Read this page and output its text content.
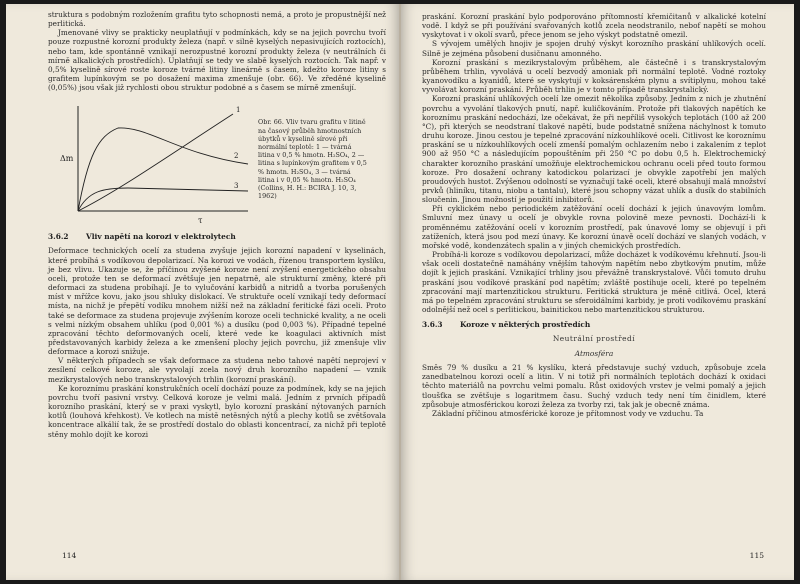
struktura s podobným rozložením grafitu tyto schopnosti nemá, a proto je propustnější než perlitická.

Jmenované vlivy se prakticky neuplatňují v podmínkách, kdy se na jejich povrchu tvoří pouze rozpustné korozní produkty železa (např. v silně kyselých nepasivujících roztocích), nebo tam, kde spontánně vznikají nerozpustné korozní produkty železa (v neutrálních či mírně alkalických prostředích). Uplatňují se tedy ve slabě kyselých roztocích. Tak např. v 0,5% kyselině sírové roste koroze tvárné litiny lineárně s časem, kdežto koroze litiny s grafitem lupínkovým se po dosažení maxima zmenšuje (obr. 66). Ve zředěné kyselině (0,05%) jsou však již rychlosti obou struktur podobné a s časem se mírně zmenšují.

Δm
τ
1
2
3
Obr. 66. Vliv tvaru grafitu v litině na časový průběh hmotnostních úbytků v kyselině sírové při normální teplotě: 1 — tvárná litina v 0,5 % hmotn. H₂SO₄, 2 — litina s lupínkovým grafitem v 0,5 % hmotn. H₂SO₄, 3 — tvárná litina i v 0,05 % hmotn. H₂SO₄ (Collins, H. H.: BCIRA J. 10, 3, 1962)
3.6.2	Vliv napětí na korozi v elektrolytech

Deformace technických ocelí za studena zvyšuje jejich korozní napadení v kyselinách, které probíhá s vodíkovou depolarizací. Na korozi ve vodách, řízenou transportem kyslíku, je bez vlivu. Ukazuje se, že příčinou zvýšené koroze není zvýšení energetického obsahu oceli, protože ten se deformací zvětšuje jen nepatrně, ale strukturní změny, které při deformaci za studena probíhají. Je to vylučování karbidů a nitridů a tvorba porušených míst v mřížce kovu, jako jsou shluky dislokací. Ve struktuře ocelí vznikají tedy deformací místa, na nichž je přepětí vodíku mnohem nižší než na základní feritické fázi oceli. Proto také se deformace za studena projevuje zvýšením koroze oceli technické kvality, a ne oceli s velmi nízkým obsahem uhlíku (pod 0,001 %) a dusíku (pod 0,003 %). Případné tepelné zpracování těchto deformovaných ocelí, které vede ke koagulaci aktivních míst představovaných karbidy železa a ke zmenšení plochy jejich povrchu, již zmenšuje vliv deformace a korozi snižuje.

V některých případech se však deformace za studena nebo tahové napětí neprojeví v zesílení celkové koroze, ale vyvolají zcela nový druh korozního napadení — vznik mezikrystalových nebo transkrystalových trhlin (korozní praskání).

Ke koroznímu praskání konstrukčních ocelí dochází pouze za podmínek, kdy se na jejich povrchu tvoří pasivní vrstvy. Celková koroze je velmi malá. Jedním z prvních případů korozního praskání, který se v praxi vyskytl, bylo korozní praskání nýtovaných parních kotlů (louhová křehkost). Ve kotlech na místě netěsných nýtů a plechy kotlů se zvětšovala koncentrace alkálií tak, že se prostředí dostalo do oblasti koncentrací, za nichž při teplotě stěny mohlo dojít ke korozi

114

praskání. Korozní praskání bylo podporováno přítomností křemičitanů v alkalické kotelní vodě. I když se při používání svařovaných kotlů zcela neodstranilo, nebof napětí se mohou vyskytovat i v okolí svarů, přece jenom se jeho výskyt podstatně omezil.

S vývojem umělých hnojiv je spojen druhý výskyt korozního praskání uhlíkových ocelí. Silně je zejména působení dusičnanu amonného.

Korozní praskání s mezikrystalovým průběhem, ale částečně i s transkrystalovým průběhem trhlin, vyvolává u ocelí bezvodý amoniak při normální teplotě. Vodné roztoky kyanovodíku a kyanidů, které se vyskytují v koksárenském plynu a svítiplynu, mohou také vyvolávat korozní praskání. Průběh trhlin je v tomto případě transkrystalický.

Korozní praskání uhlíkových ocelí lze omezit několika způsoby. Jedním z nich je zhutnění povrchu a vyvolání tlakových pnutí, např. kuličkováním. Protože při tlakových napětích ke koroznímu praskání nedochází, lze očekávat, že při nepříliš vysokých teplotách (100 až 200 °C), při kterých se neodstraní tlakové napětí, bude podstatně snížena náchylnost k tomuto druhu koroze. Jinou cestou je tepelné zpracování nízkouhlíkové oceli. Citlivost ke koroznímu praskání se u nízkouhlíkových ocelí zmenší pomalým ochlazením nebo i zakalením z teplot 900 až 950 °C a následujícím popouštěním při 250 °C po dobu 0,5 h. Elektrochemický charakter korozního praskání umožňuje elektrochemickou ochranu oceli před touto formou koroze. Pro dosažení ochrany katodickou polarizací je obvykle zapotřebí jen malých proudových hustot. Zvýšenou odolností se vyznačují také oceli, které obsahují malá množství prvků (hliníku, titanu, niobu a tantalu), které jsou schopny vázat uhlík a dusík do stabilních sloučenin. Jinou možností je použití inhibitorů.

Při cyklickém nebo periodickém zatěžování ocelí dochází k jejich únavovým lomům. Smluvní mez únavy u ocelí je obvykle rovna polovině meze pevnosti. Dochází-li k proměnnému zatěžování ocelí v korozním prostředí, pak únavové lomy se objevují i při zatíženích, která jsou pod mezí únavy. Ke korozní únavě ocelí dochází ve slaných vodách, v mořské vodě, kondenzátech spalin a v jiných chemických prostředích.

Probíhá-li koroze s vodíkovou depolarizací, může docházet k vodíkovému křehnutí. Jsou-li však oceli dostatečně namáhány vnějším tahovým napětím nebo zbytkovým pnutím, může dojít k jejich praskání. Vznikající trhliny jsou převážně transkrystalové. Vůči tomuto druhu praskání jsou vodíkové praskání pod napětím; zvláště postihuje oceli, které po tepelném zpracování mají martenzitickou strukturu. Feritická struktura je méně citlivá. Ocel, která má po tepelném zpracování strukturu se sferoidálními karbidy, je proti vodíkovému praskání odolnější než ocel s perlitickou, bainitickou nebo martenzitickou strukturou.

3.6.3	Koroze v některých prostředích
Neutrální prostředí
Atmosféra

Směs 79 % dusíku a 21 % kyslíku, která představuje suchý vzduch, způsobuje zcela zanedbatelnou korozi ocelí a litin. V ni totiž při normálních teplotách dochází k oxidaci těchto materiálů na povrchu velmi pomalu. Růst oxidových vrstev je velmi pomalý a jejich tloušťka se zvětšuje s logaritmem času. Suchý vzduch tedy není tím činidlem, které způsobuje atmosférickou korozi železa za tvorby rzi, tak jak je obecně známa.

Základní příčinou atmosférické koroze je přítomnost vody ve vzduchu. Ta

115
